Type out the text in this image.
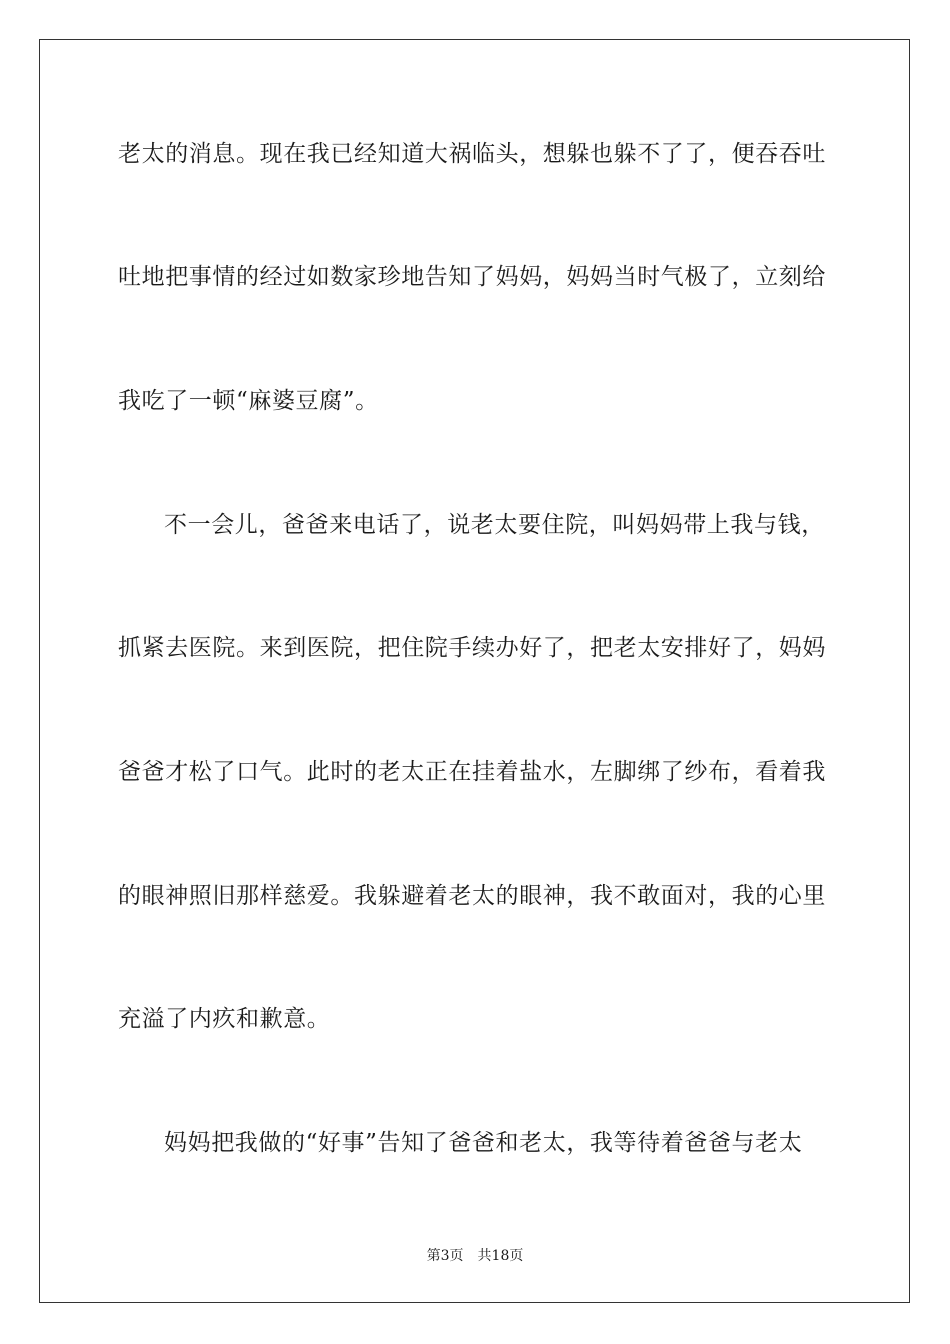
老太的消息。现在我已经知道大祸临头，想躲也躲不了了，便吞吞吐
吐地把事情的经过如数家珍地告知了妈妈，妈妈当时气极了，立刻给
我吃了一顿“麻婆豆腐”。
不一会儿，爸爸来电话了，说老太要住院，叫妈妈带上我与钱，
抓紧去医院。来到医院，把住院手续办好了，把老太安排好了，妈妈
爸爸才松了口气。此时的老太正在挂着盐水，左脚绑了纱布，看着我
的眼神照旧那样慈爱。我躲避着老太的眼神，我不敢面对，我的心里
充溢了内疚和歉意。
妈妈把我做的“好事”告知了爸爸和老太，我等待着爸爸与老太
第3页 共18页
